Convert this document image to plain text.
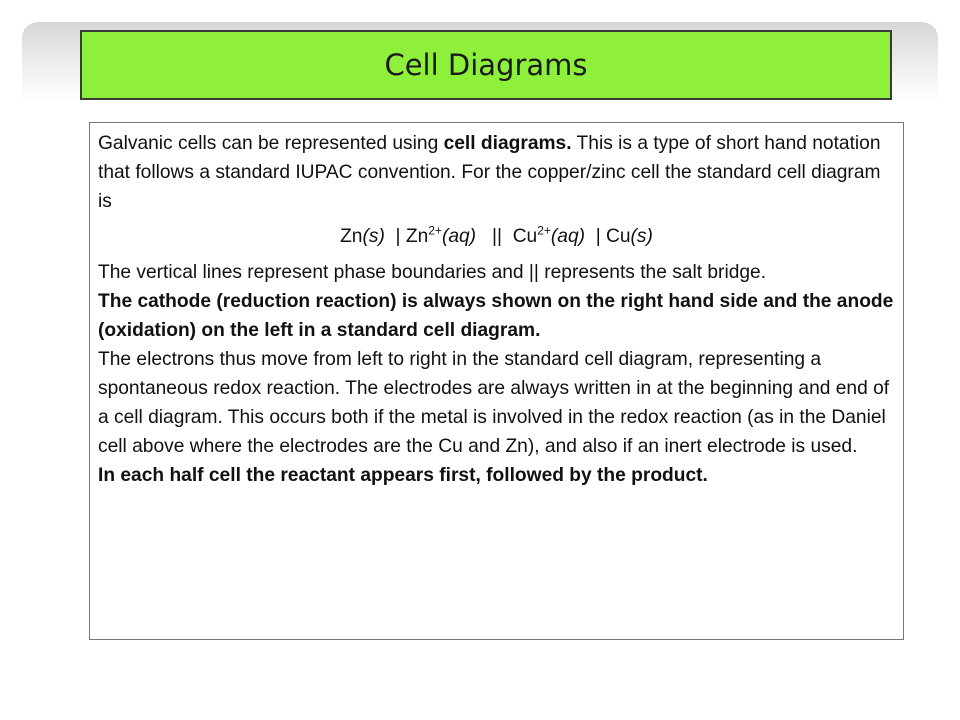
Cell Diagrams

Galvanic cells can be represented using cell diagrams. This is a type of short hand notation that follows a standard IUPAC convention. For the copper/zinc cell the standard cell diagram is

Zn(s)  | $Zn^{2+}(aq)$   ||  $Cu^{2+}(aq)$  | Cu(s)

The vertical lines represent phase boundaries and || represents the salt bridge.

The cathode (reduction reaction) is always shown on the right hand side and the anode (oxidation) on the left in a standard cell diagram.

The electrons thus move from left to right in the standard cell diagram, representing a spontaneous redox reaction. The electrodes are always written in at the beginning and end of a cell diagram. This occurs both if the metal is involved in the redox reaction (as in the Daniel cell above where the electrodes are the Cu and Zn), and also if an inert electrode is used.

In each half cell the reactant appears first, followed by the product.
